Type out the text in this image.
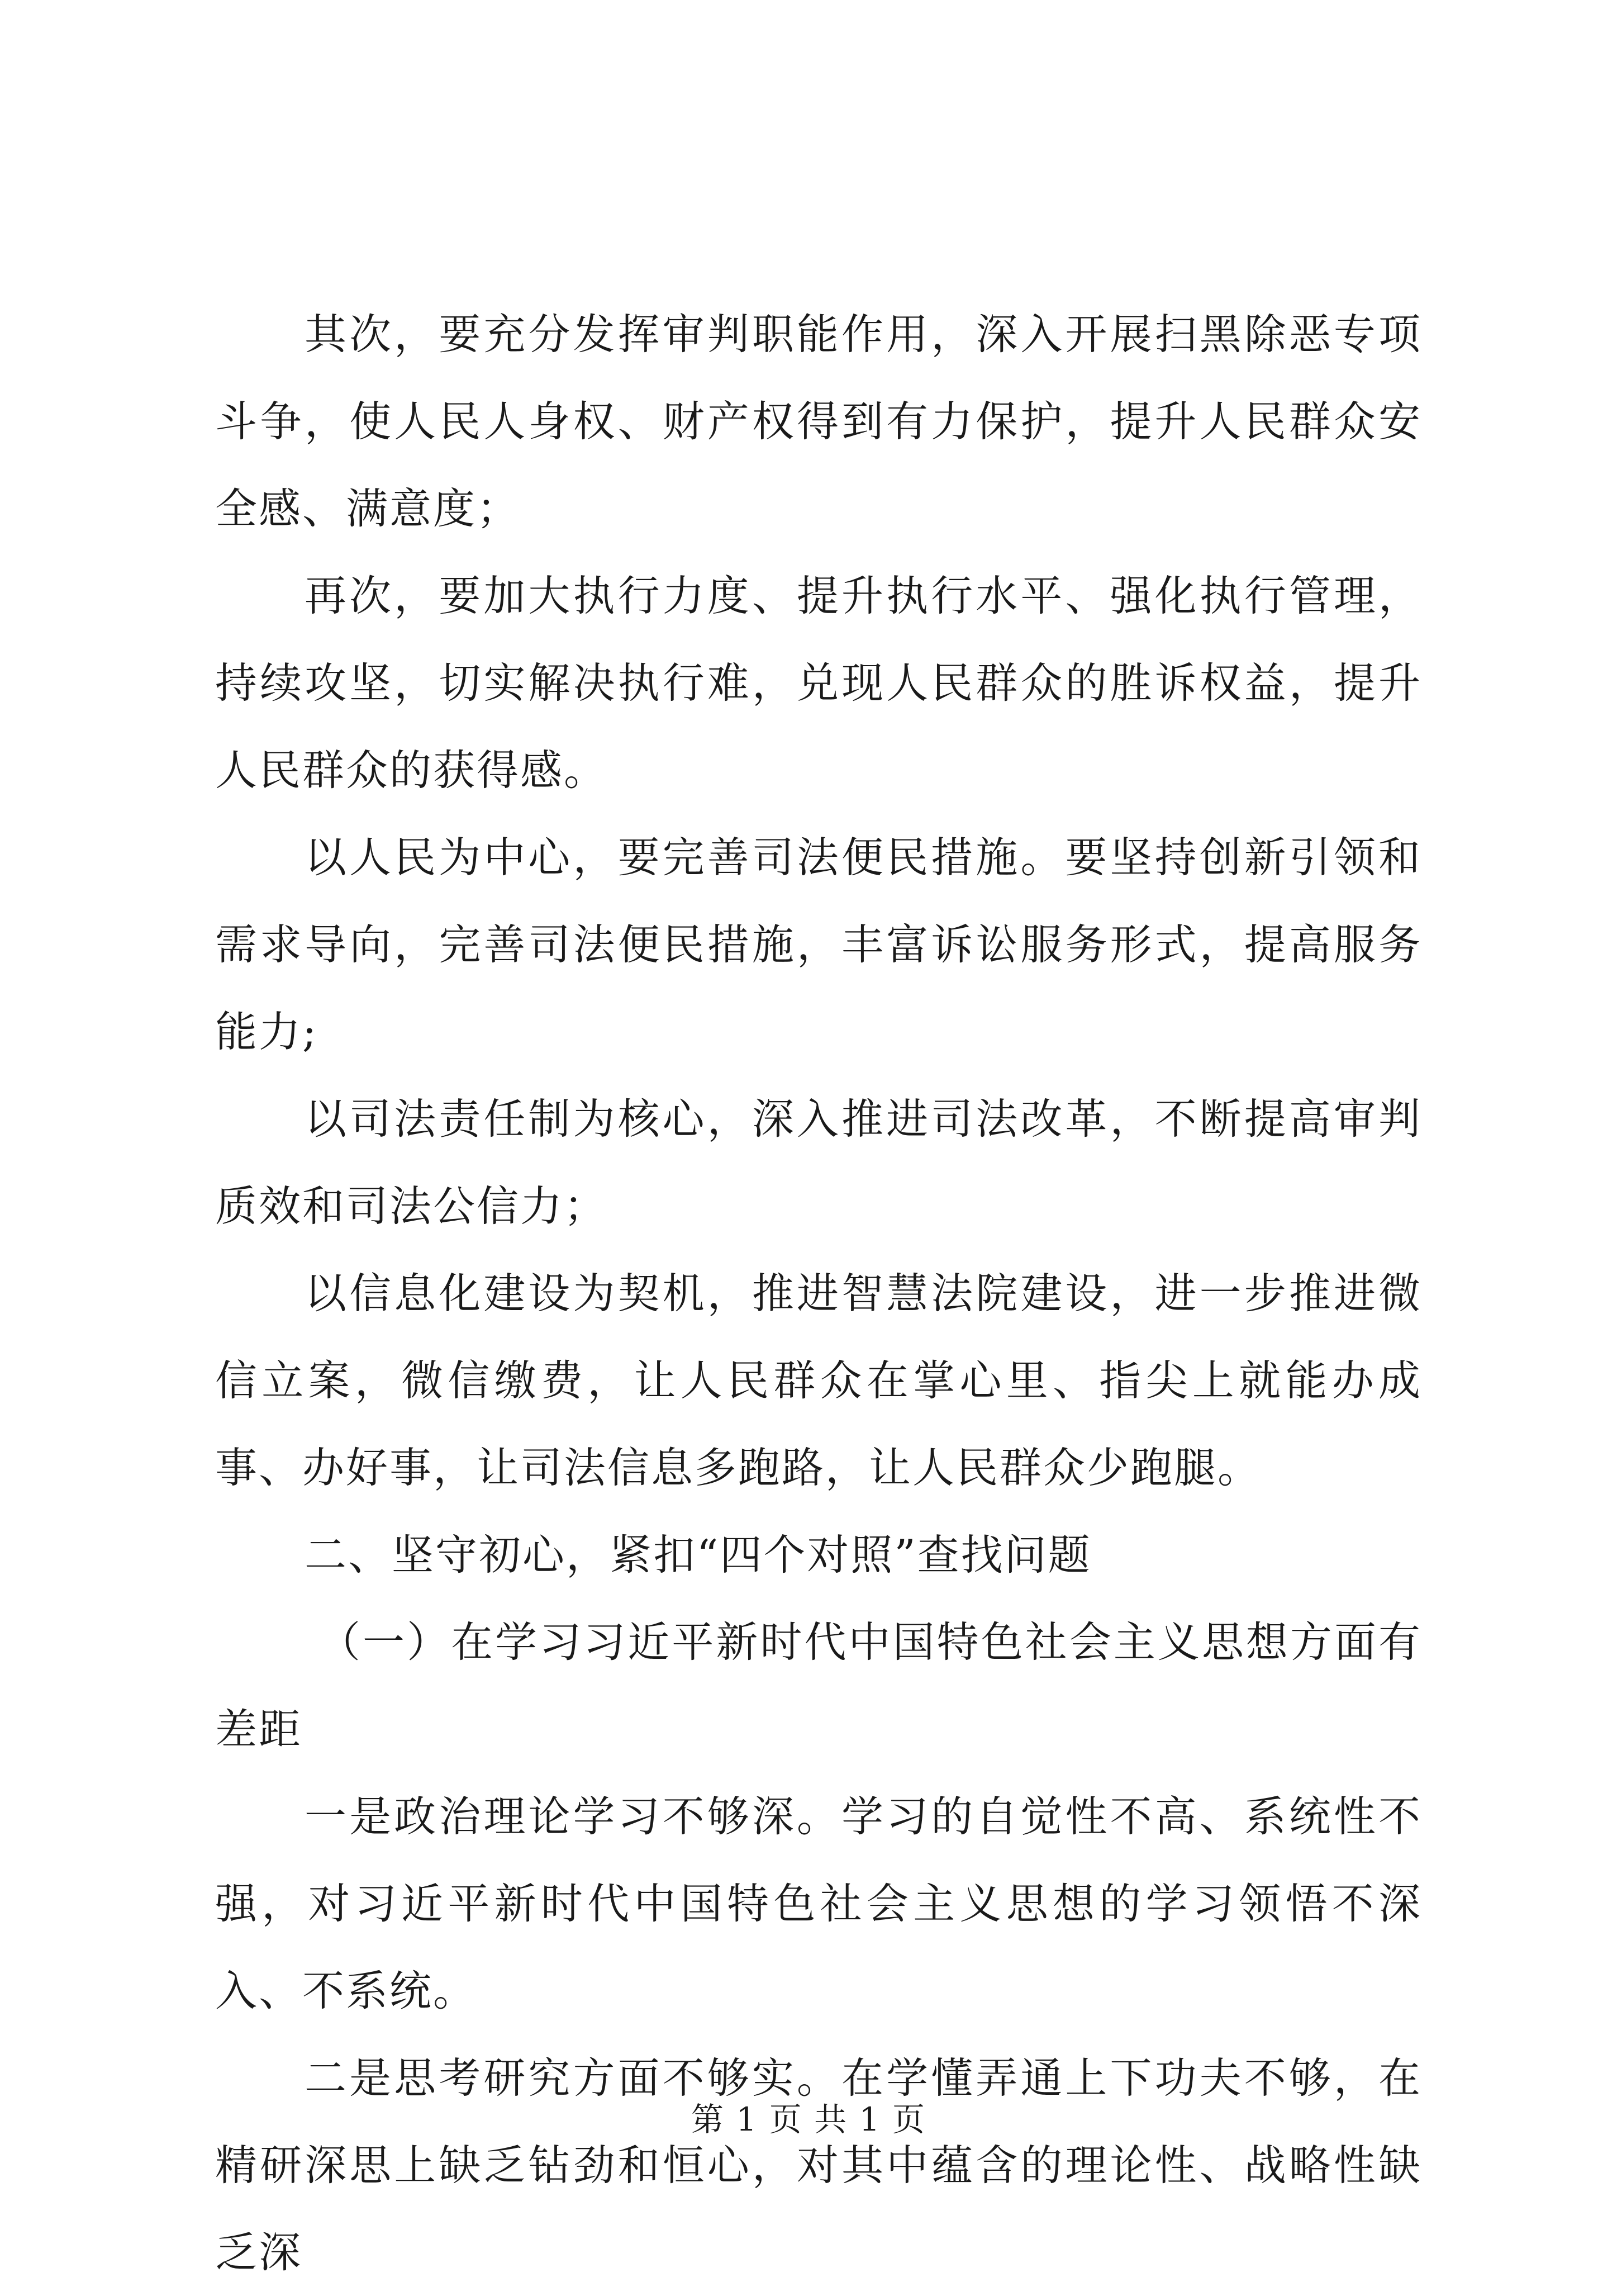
其次，要充分发挥审判职能作用，深入开展扫黑除恶专项斗争，使人民人身权、财产权得到有力保护，提升人民群众安全感、满意度；

再次，要加大执行力度、提升执行水平、强化执行管理，持续攻坚，切实解决执行难，兑现人民群众的胜诉权益，提升人民群众的获得感。

以人民为中心，要完善司法便民措施。要坚持创新引领和需求导向，完善司法便民措施，丰富诉讼服务形式，提高服务能力;

以司法责任制为核心，深入推进司法改革，不断提高审判质效和司法公信力；

以信息化建设为契机，推进智慧法院建设，进一步推进微信立案，微信缴费，让人民群众在掌心里、指尖上就能办成事、办好事，让司法信息多跑路，让人民群众少跑腿。

二、坚守初心，紧扣“四个对照”查找问题

（一）在学习习近平新时代中国特色社会主义思想方面有差距

一是政治理论学习不够深。学习的自觉性不高、系统性不强，对习近平新时代中国特色社会主义思想的学习领悟不深入、不系统。

二是思考研究方面不够实。在学懂弄通上下功夫不够，在精研深思上缺乏钻劲和恒心，对其中蕴含的理论性、战略性缺乏深

第 1 页 共 1 页
